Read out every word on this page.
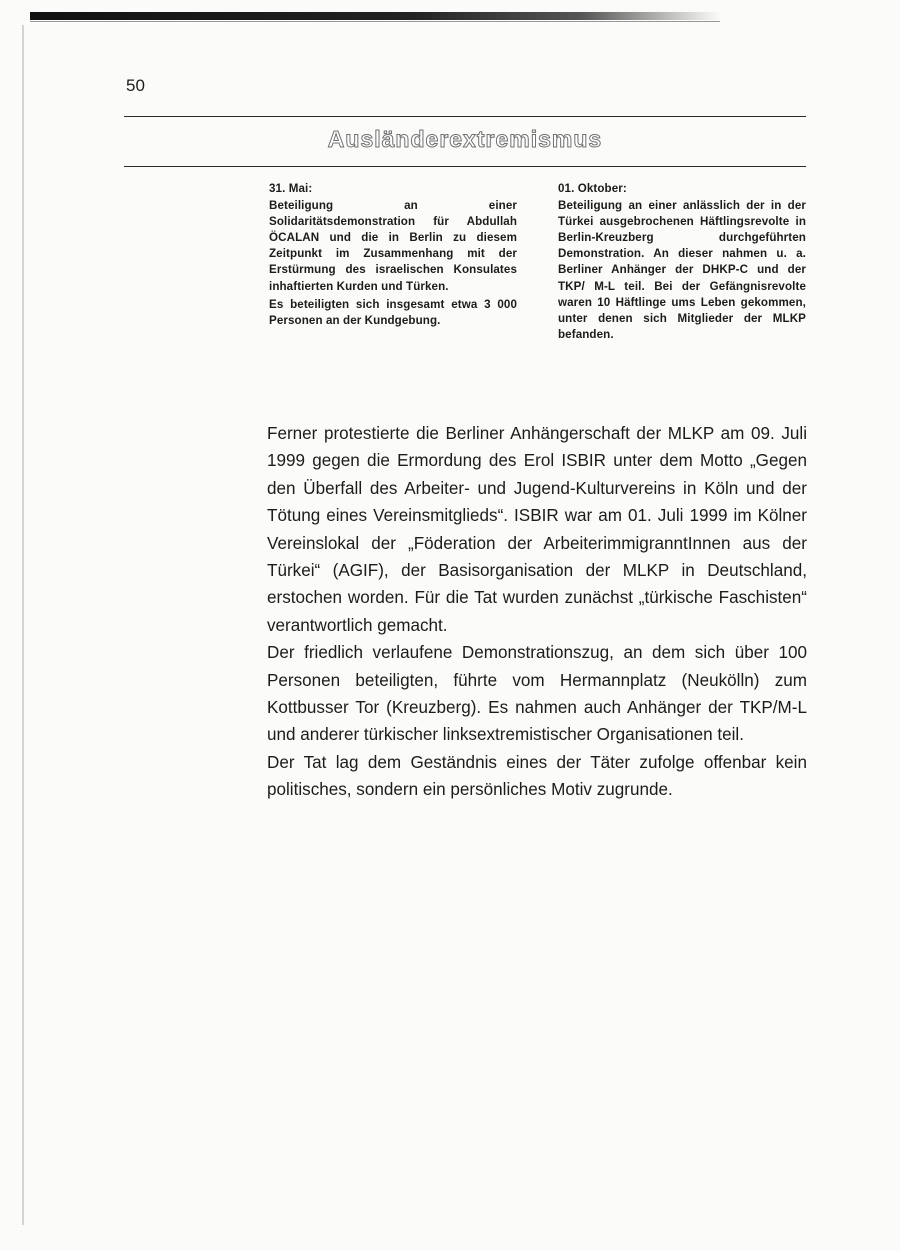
50
Ausländerextremismus

31. Mai:

Beteiligung an einer Solidaritätsdemonstration für Abdullah ÖCALAN und die in Berlin zu diesem Zeitpunkt im Zusammenhang mit der Erstürmung des israelischen Konsulates inhaftierten Kurden und Türken.

Es beteiligten sich insgesamt etwa 3 000 Personen an der Kundgebung.

01. Oktober:

Beteiligung an einer anlässlich der in der Türkei ausgebrochenen Häftlingsrevolte in Berlin-Kreuzberg durchgeführten Demonstration. An dieser nahmen u. a. Berliner Anhänger der DHKP-C und der TKP/ M-L teil. Bei der Gefängnisrevolte waren 10 Häftlinge ums Leben gekommen, unter denen sich Mitglieder der MLKP befanden.

Ferner protestierte die Berliner Anhängerschaft der MLKP am 09. Juli 1999 gegen die Ermordung des Erol ISBIR unter dem Motto „Gegen den Überfall des Arbeiter- und Jugend-Kulturvereins in Köln und der Tötung eines Vereinsmitglieds“. ISBIR war am 01. Juli 1999 im Kölner Vereinslokal der „Föderation der ArbeiterimmigranntInnen aus der Türkei“ (AGIF), der Basisorganisation der MLKP in Deutschland, erstochen worden. Für die Tat wurden zunächst „türkische Faschisten“ verantwortlich gemacht.

Der friedlich verlaufene Demonstrationszug, an dem sich über 100 Personen beteiligten, führte vom Hermannplatz (Neukölln) zum Kottbusser Tor (Kreuzberg). Es nahmen auch Anhänger der TKP/M-L und anderer türkischer linksextremistischer Organisationen teil.

Der Tat lag dem Geständnis eines der Täter zufolge offenbar kein politisches, sondern ein persönliches Motiv zugrunde.
